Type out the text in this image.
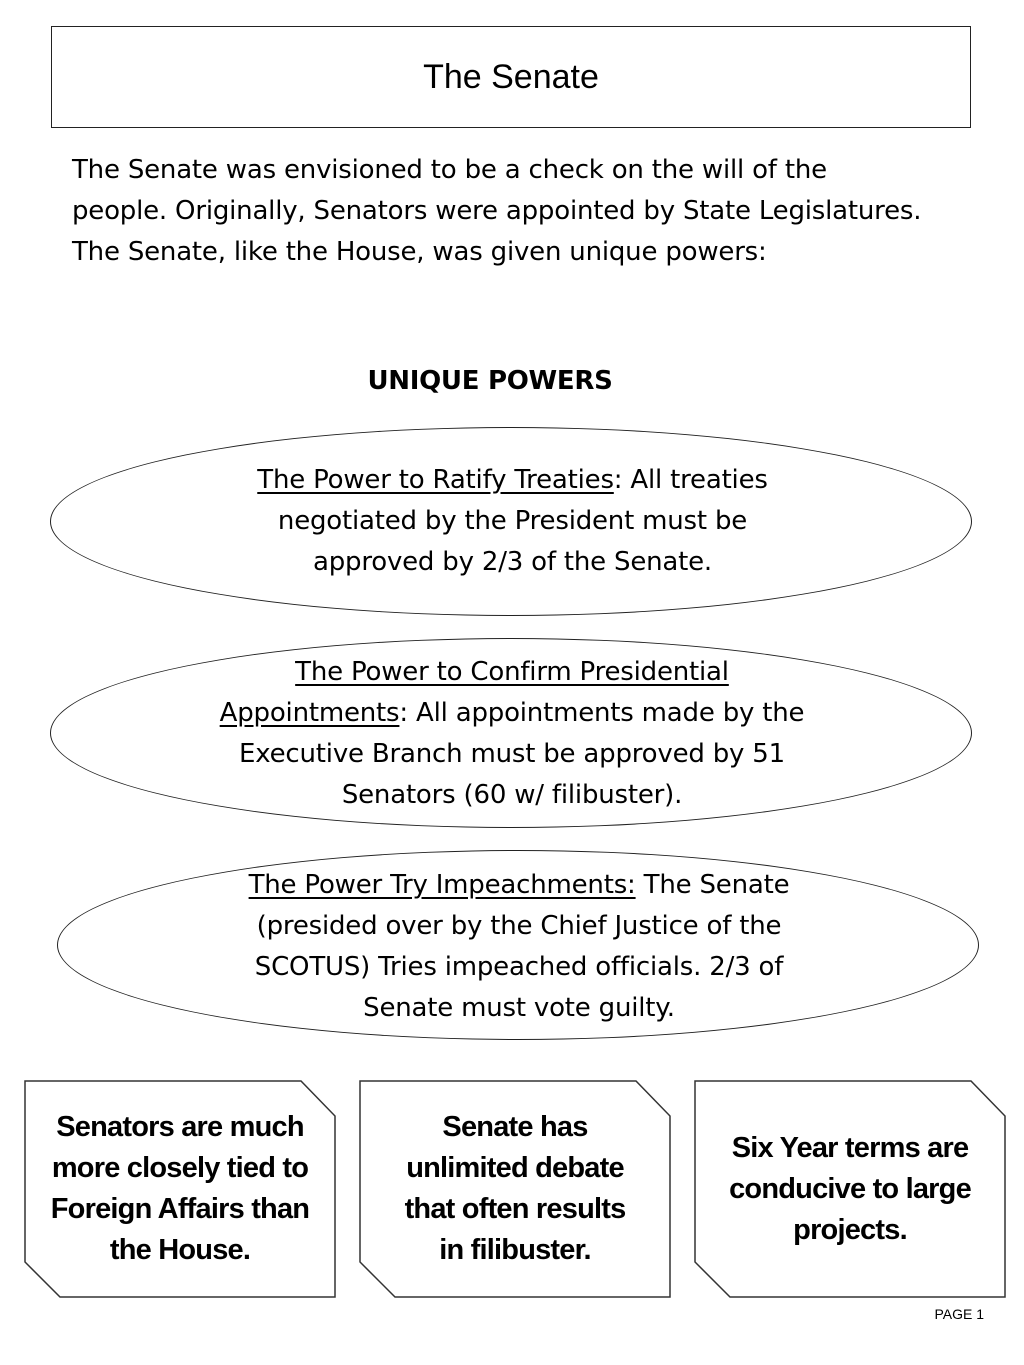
The Senate

The Senate was envisioned to be a check on the will of the people. Originally, Senators were appointed by State Legislatures. The Senate, like the House, was given unique powers:

UNIQUE POWERS

The Power to Ratify Treaties: All treaties negotiated by the President must be approved by 2/3 of the Senate.

The Power to Confirm Presidential Appointments: All appointments made by the Executive Branch must be approved by 51 Senators (60 w/ filibuster).

The Power Try Impeachments: The Senate (presided over by the Chief Justice of the SCOTUS) Tries impeached officials. 2/3 of Senate must vote guilty.

Senators are much more closely tied to Foreign Affairs than the House.
Senate has unlimited debate that often results in filibuster.
Six Year terms are conducive to large projects.
PAGE 1
